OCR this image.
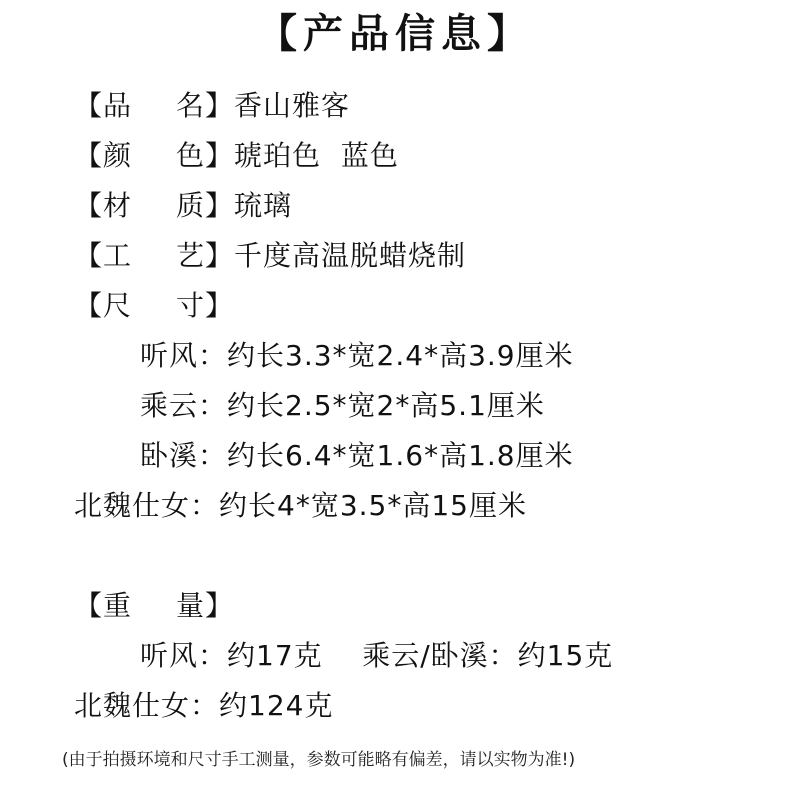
【产品信息】
【品 名】香山雅客
【颜 色】琥珀色  蓝色
【材 质】琉璃
【工 艺】千度高温脱蜡烧制
【尺 寸】
听风：约长3.3*宽2.4*高3.9厘米
乘云：约长2.5*宽2*高5.1厘米
卧溪：约长6.4*宽1.6*高1.8厘米
北魏仕女：约长4*宽3.5*高15厘米
【重 量】
听风：约17克    乘云/卧溪：约15克
北魏仕女：约124克
(由于拍摄环境和尺寸手工测量，参数可能略有偏差，请以实物为准!)
